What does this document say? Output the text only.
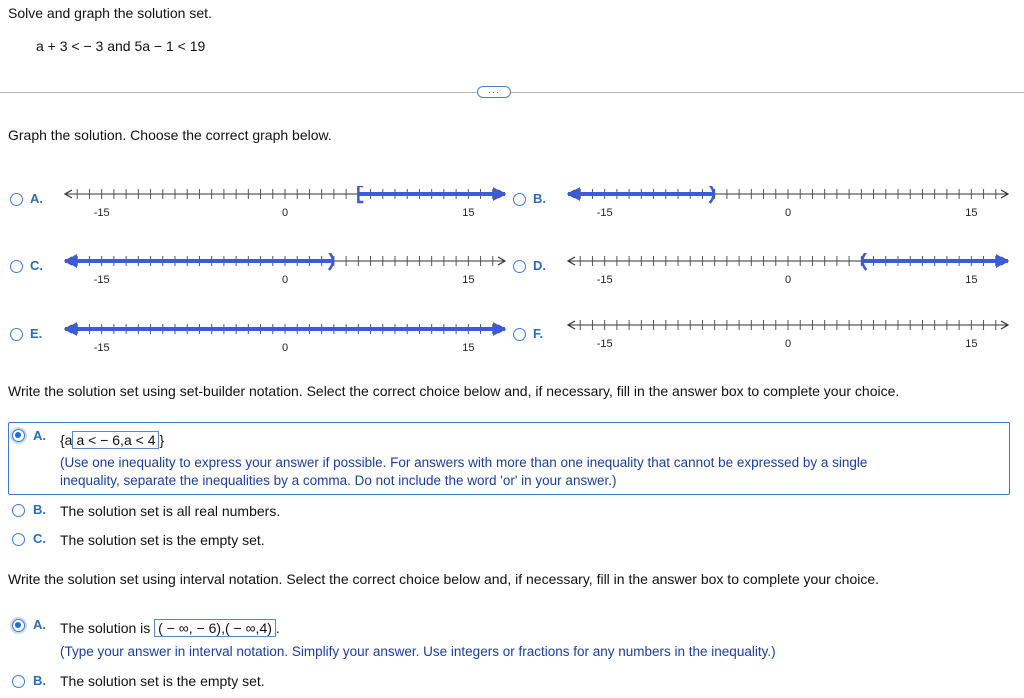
Solve and graph the solution set.
a + 3 < − 3 and 5a − 1 < 19
···
Graph the solution. Choose the correct graph below.
A.
-15	0	15
B.
-15	0	15
C.
-15	0	15
D.
-15	0	15
E.
-15	0	15
F.
-15	0	15
Write the solution set using set-builder notation. Select the correct choice below and, if necessary, fill in the answer box to complete your choice.
A. {a a < − 6,a < 4 }
(Use one inequality to express your answer if possible. For answers with more than one inequality that cannot be expressed by a single
inequality, separate the inequalities by a comma. Do not include the word 'or' in your answer.)
B. The solution set is all real numbers.
C. The solution set is the empty set.
Write the solution set using interval notation. Select the correct choice below and, if necessary, fill in the answer box to complete your choice.
A. The solution is ( − ∞, − 6),( − ∞,4) .
(Type your answer in interval notation. Simplify your answer. Use integers or fractions for any numbers in the inequality.)
B. The solution set is the empty set.
